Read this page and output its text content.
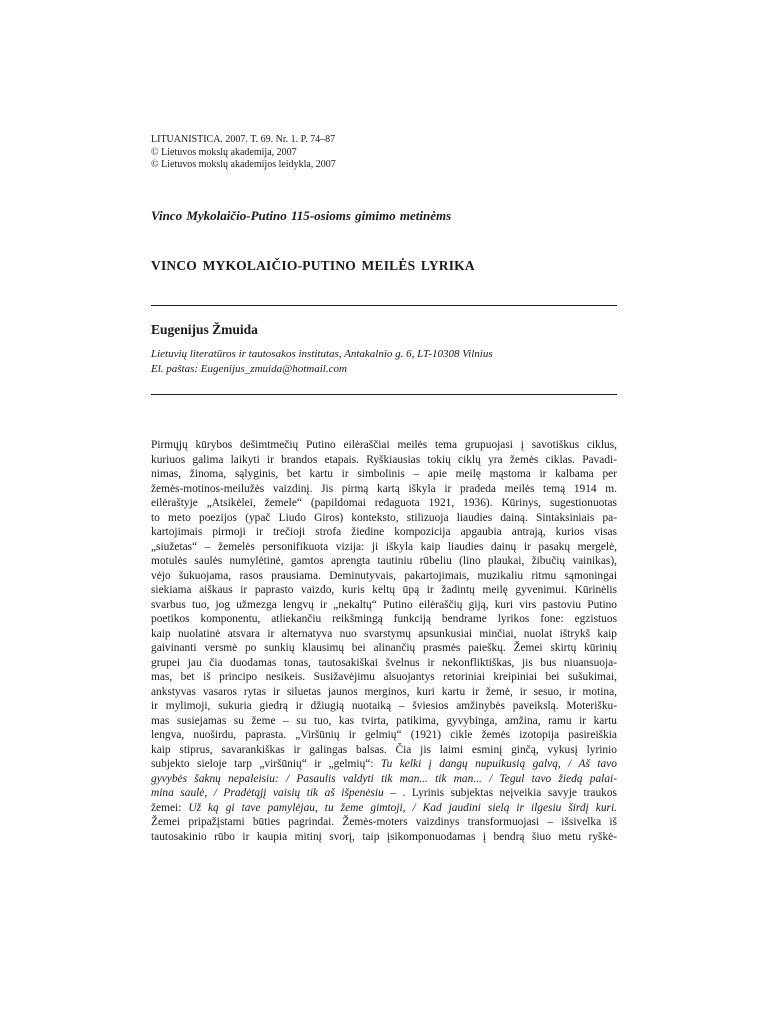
LITUANISTICA. 2007. T. 69. Nr. 1. P. 74–87
© Lietuvos mokslų akademija, 2007
© Lietuvos mokslų akademijos leidykla, 2007
Vinco Mykolaičio-Putino 115-osioms gimimo metinėms
VINCO MYKOLAIČIO-PUTINO MEILĖS LYRIKA
Eugenijus Žmuida
Lietuvių literatūros ir tautosakos institutas, Antakalnio g. 6, LT-10308 Vilnius
El. paštas: Eugenijus_zmuida@hotmail.com
Pirmųjų kūrybos dešimtmečių Putino eilėraščiai meilės tema grupuojasi į savotiškus ciklus,
kuriuos galima laikyti ir brandos etapais. Ryškiausias tokių ciklų yra žemės ciklas. Pavadi-
nimas, žinoma, sąlyginis, bet kartu ir simbolinis – apie meilę mąstoma ir kalbama per
žemės-motinos-meilužės vaizdinį. Jis pirmą kartą iškyla ir pradeda meilės temą 1914 m.
eilėraštyje „Atsikėlei, žemele“ (papildomai redaguota 1921, 1936). Kūrinys, sugestionuotas
to meto poezijos (ypač Liudo Giros) konteksto, stilizuoja liaudies dainą. Sintaksiniais pa-
kartojimais pirmoji ir trečioji strofa žiedine kompozicija apgaubia antrają, kurios visas
„siužetas“ – žemelės personifikuota vizija: ji iškyla kaip liaudies dainų ir pasakų mergelė,
motulės saulės numylėtinė, gamtos aprengta tautiniu rūbeliu (lino plaukai, žibučių vainikas),
vėjo šukuojama, rasos prausiama. Deminutyvais, pakartojimais, muzikaliu ritmu sąmoningai
siekiama aiškaus ir paprasto vaizdo, kuris keltų ūpą ir žadintų meilę gyvenimui. Kūrinėlis
svarbus tuo, jog užmezga lengvų ir „nekaltų“ Putino eilėraščių giją, kuri virs pastoviu Putino
poetikos komponentu, atliekančiu reikšmingą funkciją bendrame lyrikos fone: egzistuos
kaip nuolatinė atsvara ir alternatyva nuo svarstymų apsunkusiai minčiai, nuolat ištrykš kaip
gaivinanti versmė po sunkių klausimų bei alinančių prasmės paieškų. Žemei skirtų kūrinių
grupei jau čia duodamas tonas, tautosakiškai švelnus ir nekonfliktiškas, jis bus niuansuoja-
mas, bet iš principo nesikeis. Susižavėjimu alsuojantys retoriniai kreipiniai bei sušukimai,
ankstyvas vasaros rytas ir siluetas jaunos merginos, kuri kartu ir žemė, ir sesuo, ir motina,
ir mylimoji, sukuria giedrą ir džiugią nuotaiką – šviesios amžinybės paveikslą. Moterišku-
mas susiejamas su žeme – su tuo, kas tvirta, patikima, gyvybinga, amžina, ramu ir kartu
lengva, nuoširdu, paprasta. „Viršūnių ir gelmių“ (1921) cikle žemės izotopija pasireiškia
kaip stiprus, savarankiškas ir galingas balsas. Čia jis laimi esminį ginčą, vykusį lyrinio
subjekto sieloje tarp „viršūnių“ ir „gelmių“: Tu kelki į dangų nupuikusią galvą, / Aš tavo
gyvybės šaknų nepaleisiu: / Pasaulis valdyti tik man... tik man... / Tegul tavo žiedą palai-
mina saulė, / Pradėtąjį vaisių tik aš išpenėsiu – . Lyrinis subjektas neįveikia savyje traukos
žemei: Už ką gi tave pamylėjau, tu žeme gimtoji, / Kad jaudini sielą ir ilgesiu širdį kuri.
Žemei pripažįstami būties pagrindai. Žemės-moters vaizdinys transformuojasi – išsivelka iš
tautosakinio rūbo ir kaupia mitinį svorį, taip įsikomponuodamas į bendrą šiuo metu ryškė-
